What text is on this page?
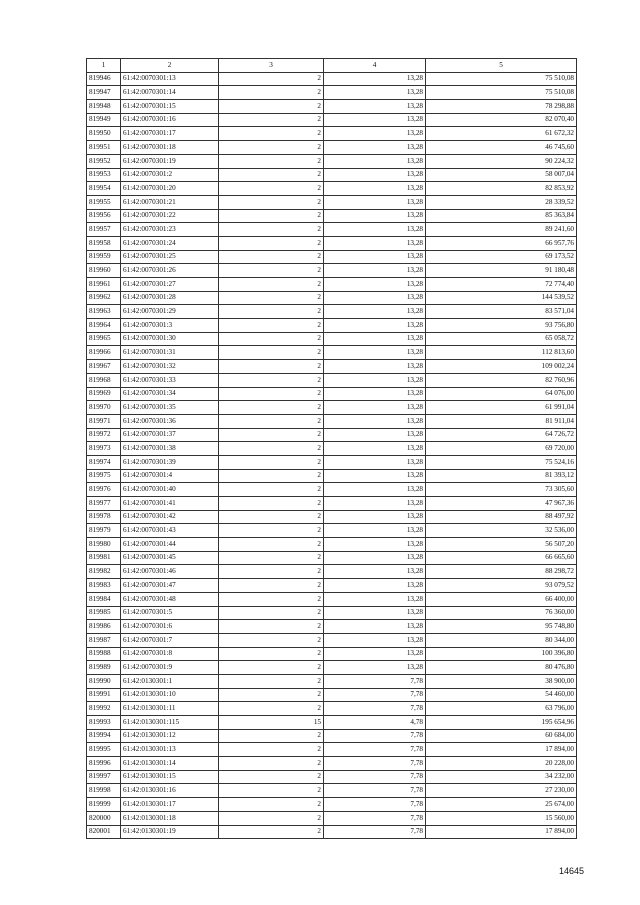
1	2	3	4	5
819946	61:42:0070301:13	2	13,28	75 510,08
819947	61:42:0070301:14	2	13,28	75 510,08
819948	61:42:0070301:15	2	13,28	78 298,88
819949	61:42:0070301:16	2	13,28	82 070,40
819950	61:42:0070301:17	2	13,28	61 672,32
819951	61:42:0070301:18	2	13,28	46 745,60
819952	61:42:0070301:19	2	13,28	90 224,32
819953	61:42:0070301:2	2	13,28	58 007,04
819954	61:42:0070301:20	2	13,28	82 853,92
819955	61:42:0070301:21	2	13,28	28 339,52
819956	61:42:0070301:22	2	13,28	85 363,84
819957	61:42:0070301:23	2	13,28	89 241,60
819958	61:42:0070301:24	2	13,28	66 957,76
819959	61:42:0070301:25	2	13,28	69 173,52
819960	61:42:0070301:26	2	13,28	91 180,48
819961	61:42:0070301:27	2	13,28	72 774,40
819962	61:42:0070301:28	2	13,28	144 539,52
819963	61:42:0070301:29	2	13,28	83 571,04
819964	61:42:0070301:3	2	13,28	93 756,80
819965	61:42:0070301:30	2	13,28	65 058,72
819966	61:42:0070301:31	2	13,28	112 813,60
819967	61:42:0070301:32	2	13,28	109 002,24
819968	61:42:0070301:33	2	13,28	82 760,96
819969	61:42:0070301:34	2	13,28	64 076,00
819970	61:42:0070301:35	2	13,28	61 991,04
819971	61:42:0070301:36	2	13,28	81 911,04
819972	61:42:0070301:37	2	13,28	64 726,72
819973	61:42:0070301:38	2	13,28	69 720,00
819974	61:42:0070301:39	2	13,28	75 524,16
819975	61:42:0070301:4	2	13,28	81 393,12
819976	61:42:0070301:40	2	13,28	73 305,60
819977	61:42:0070301:41	2	13,28	47 967,36
819978	61:42:0070301:42	2	13,28	88 497,92
819979	61:42:0070301:43	2	13,28	32 536,00
819980	61:42:0070301:44	2	13,28	56 507,20
819981	61:42:0070301:45	2	13,28	66 665,60
819982	61:42:0070301:46	2	13,28	88 298,72
819983	61:42:0070301:47	2	13,28	93 079,52
819984	61:42:0070301:48	2	13,28	66 400,00
819985	61:42:0070301:5	2	13,28	76 360,00
819986	61:42:0070301:6	2	13,28	95 748,80
819987	61:42:0070301:7	2	13,28	80 344,00
819988	61:42:0070301:8	2	13,28	100 396,80
819989	61:42:0070301:9	2	13,28	80 476,80
819990	61:42:0130301:1	2	7,78	38 900,00
819991	61:42:0130301:10	2	7,78	54 460,00
819992	61:42:0130301:11	2	7,78	63 796,00
819993	61:42:0130301:115	15	4,78	195 654,96
819994	61:42:0130301:12	2	7,78	60 684,00
819995	61:42:0130301:13	2	7,78	17 894,00
819996	61:42:0130301:14	2	7,78	20 228,00
819997	61:42:0130301:15	2	7,78	34 232,00
819998	61:42:0130301:16	2	7,78	27 230,00
819999	61:42:0130301:17	2	7,78	25 674,00
820000	61:42:0130301:18	2	7,78	15 560,00
820001	61:42:0130301:19	2	7,78	17 894,00
14645
